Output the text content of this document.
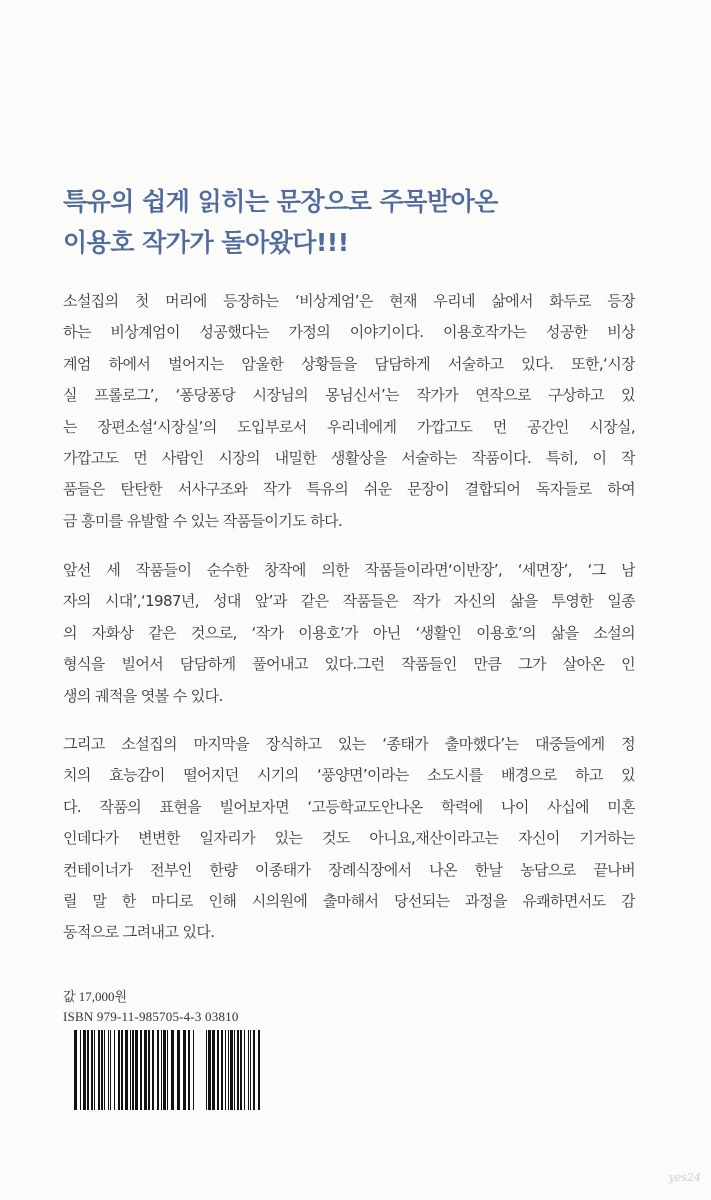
특유의 쉽게 읽히는 문장으로 주목받아온
이용호 작가가 돌아왔다!!!
소설집의 첫 머리에 등장하는 ‘비상계엄’은 현재 우리네 삶에서 화두로 등장
하는 비상계엄이 성공했다는 가정의 이야기이다. 이용호작가는 성공한 비상
계엄 하에서 벌어지는 암울한 상황들을 담담하게 서술하고 있다. 또한,‘시장
실 프롤로그’, ‘퐁당퐁당 시장님의 몽님신서’는 작가가 연작으로 구상하고 있
는 장편소설‘시장실’의 도입부로서 우리네에게 가깝고도 먼 공간인 시장실,
가깝고도 먼 사람인 시장의 내밀한 생활상을 서술하는 작품이다. 특히, 이 작
품들은 탄탄한 서사구조와 작가 특유의 쉬운 문장이 결합되어 독자들로 하여
금 흥미를 유발할 수 있는 작품들이기도 하다.
앞선 세 작품들이 순수한 창작에 의한 작품들이라면‘이반장’, ‘세면장’, ‘그 남
자의 시대’,‘1987년, 성대 앞’과 같은 작품들은 작가 자신의 삶을 투영한 일종
의 자화상 같은 것으로, ‘작가 이용호’가 아닌 ‘생활인 이용호’의 삶을 소설의
형식을 빌어서 담담하게 풀어내고 있다.그런 작품들인 만큼 그가 살아온 인
생의 궤적을 엿볼 수 있다.
그리고 소설집의 마지막을 장식하고 있는 ‘종태가 출마했다’는 대중들에게 정
치의 효능감이 떨어지던 시기의 ‘풍양면’이라는 소도시를 배경으로 하고 있
다. 작품의 표현을 빌어보자면 ‘고등학교도안나온 학력에 나이 사십에 미혼
인데다가 변변한 일자리가 있는 것도 아니요,재산이라고는 자신이 기거하는
컨테이너가 전부인 한량 이종태가 장례식장에서 나온 한날 농담으로 끝나버
릴 말 한 마디로 인해 시의원에 출마해서 당선되는 과정을 유쾌하면서도 감
동적으로 그려내고 있다.
값 17,000원
ISBN 979-11-985705-4-3 03810
yes24
